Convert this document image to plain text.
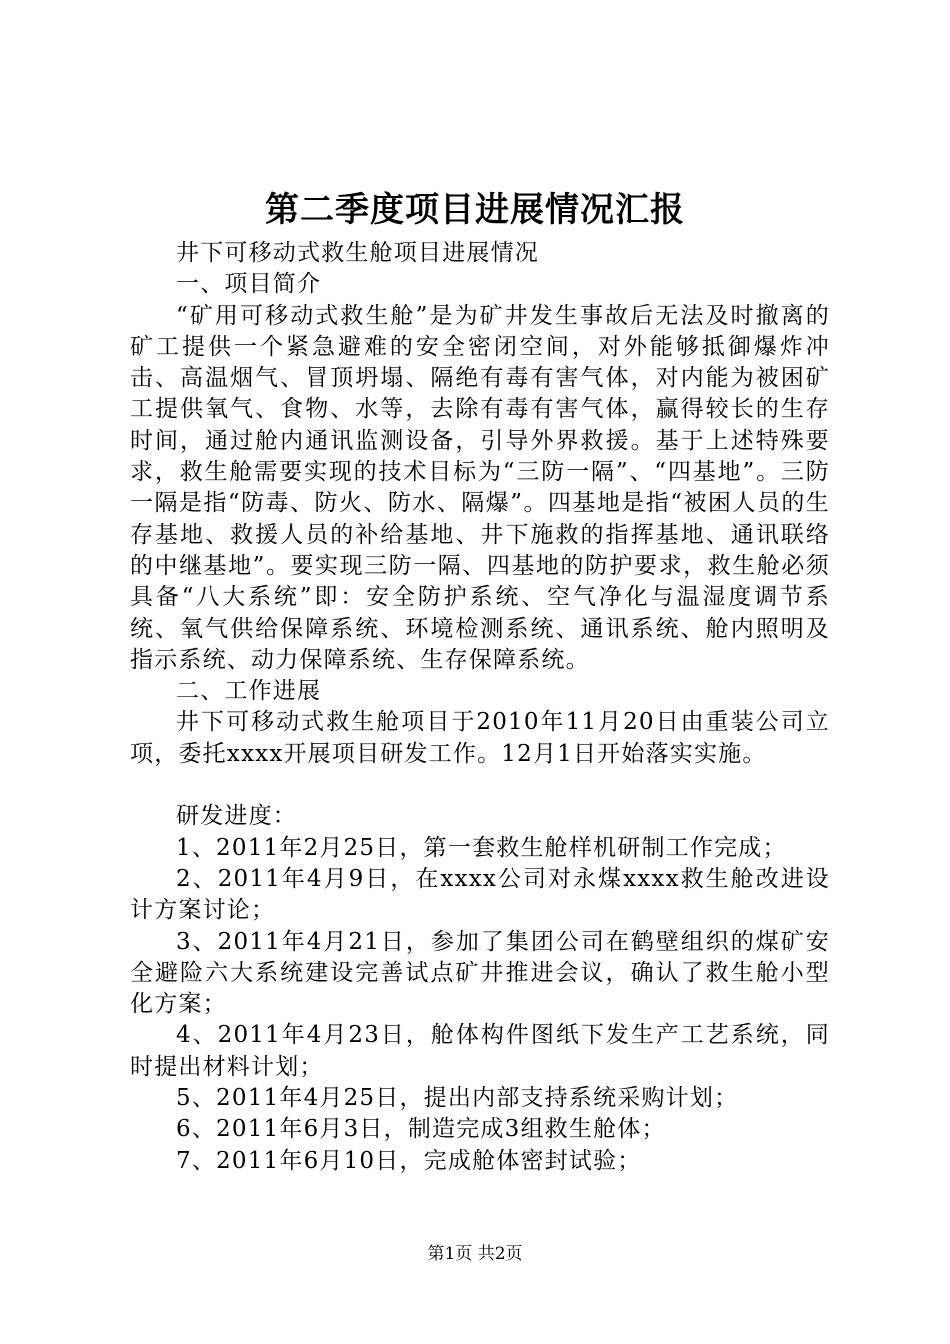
第二季度项目进展情况汇报

井下可移动式救生舱项目进展情况

一、项目简介

“矿用可移动式救生舱”是为矿井发生事故后无法及时撤离的矿工提供一个紧急避难的安全密闭空间，对外能够抵御爆炸冲击、高温烟气、冒顶坍塌、隔绝有毒有害气体，对内能为被困矿工提供氧气、食物、水等，去除有毒有害气体，赢得较长的生存时间，通过舱内通讯监测设备，引导外界救援。基于上述特殊要求，救生舱需要实现的技术目标为“三防一隔”、“四基地”。三防一隔是指“防毒、防火、防水、隔爆”。四基地是指“被困人员的生存基地、救援人员的补给基地、井下施救的指挥基地、通讯联络的中继基地”。要实现三防一隔、四基地的防护要求，救生舱必须具备“八大系统”即：安全防护系统、空气净化与温湿度调节系统、氧气供给保障系统、环境检测系统、通讯系统、舱内照明及指示系统、动力保障系统、生存保障系统。

二、工作进展

井下可移动式救生舱项目于2010年11月20日由重装公司立项，委托xxxx开展项目研发工作。12月1日开始落实实施。

研发进度：

1、2011年2月25日，第一套救生舱样机研制工作完成；

2、2011年4月9日，在xxxx公司对永煤xxxx救生舱改进设计方案讨论；

3、2011年4月21日，参加了集团公司在鹤壁组织的煤矿安全避险六大系统建设完善试点矿井推进会议，确认了救生舱小型化方案；

4、2011年4月23日，舱体构件图纸下发生产工艺系统，同时提出材料计划；

5、2011年4月25日，提出内部支持系统采购计划；

6、2011年6月3日，制造完成3组救生舱体；

7、2011年6月10日，完成舱体密封试验；

第1页 共2页
